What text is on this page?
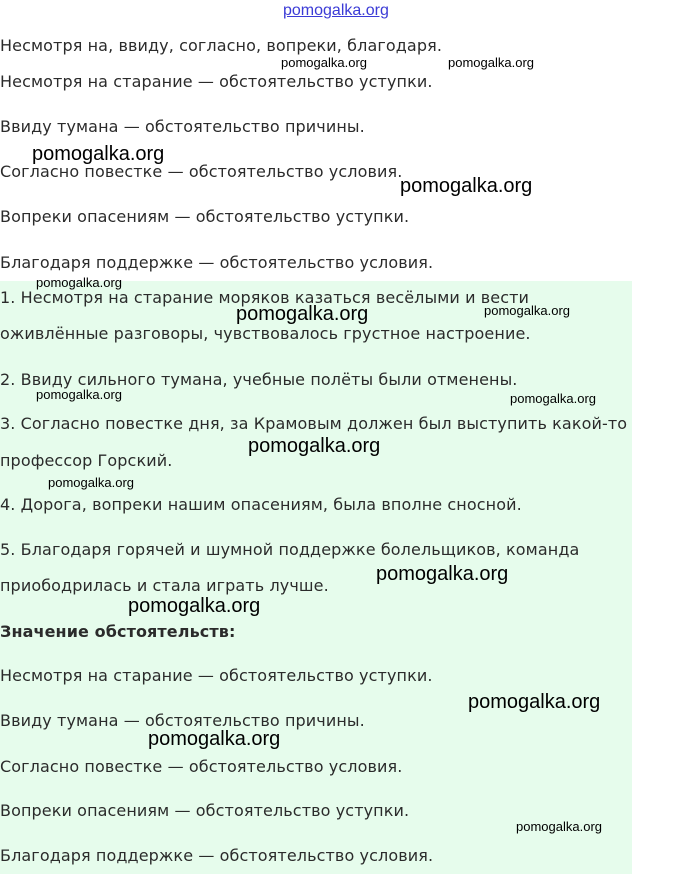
Несмотря на, ввиду, согласно, вопреки, благодаря.

Несмотря на старание — обстоятельство уступки.

Ввиду тумана — обстоятельство причины.

Согласно повестке — обстоятельство условия.

Вопреки опасениям — обстоятельство уступки.

Благодаря поддержке — обстоятельство условия.

1. Несмотря на старание моряков казаться весёлыми и вести

оживлённые разговоры, чувствовалось грустное настроение.

2. Ввиду сильного тумана, учебные полёты были отменены.

3. Согласно повестке дня, за Крамовым должен был выступить какой-то

профессор Горский.

4. Дорога, вопреки нашим опасениям, была вполне сносной.

5. Благодаря горячей и шумной поддержке болельщиков, команда

приободрилась и стала играть лучше.

Значение обстоятельств:

Несмотря на старание — обстоятельство уступки.

Ввиду тумана — обстоятельство причины.

Согласно повестке — обстоятельство условия.

Вопреки опасениям — обстоятельство уступки.

Благодаря поддержке — обстоятельство условия.

pomogalka.org
pomogalka.org	pomogalka.org
pomogalka.org
pomogalka.org
pomogalka.org
pomogalka.org	pomogalka.org
pomogalka.org	pomogalka.org
pomogalka.org
pomogalka.org
pomogalka.org
pomogalka.org
pomogalka.org
pomogalka.org
pomogalka.org
